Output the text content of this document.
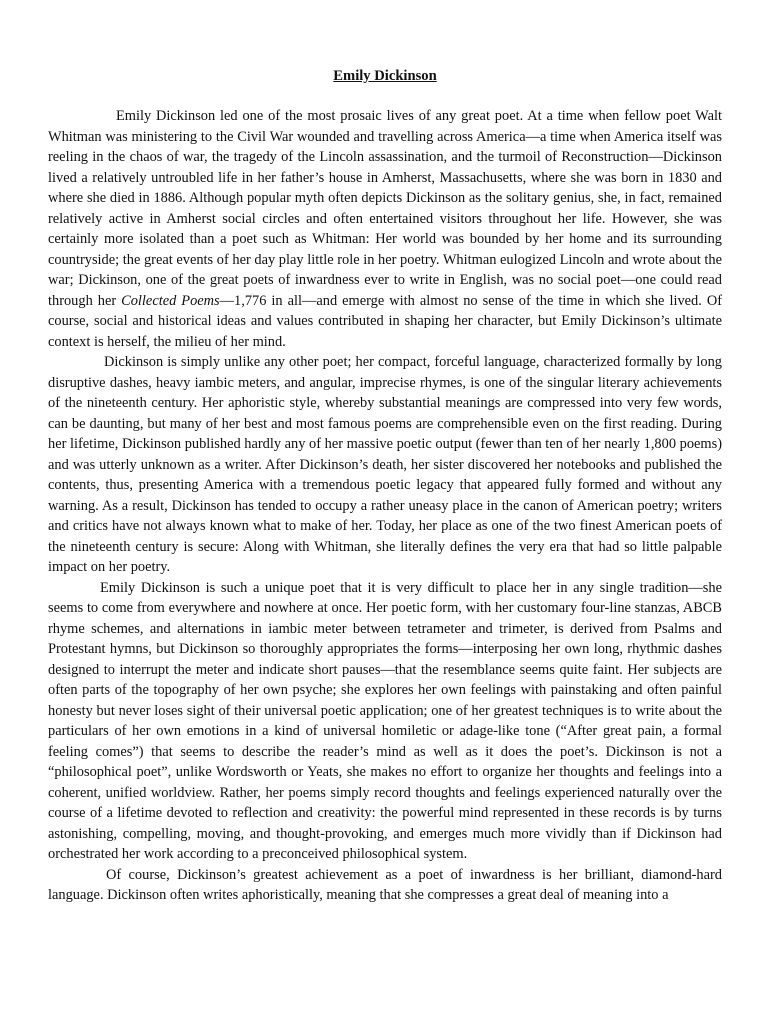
Emily Dickinson

Emily Dickinson led one of the most prosaic lives of any great poet. At a time when fellow poet Walt Whitman was ministering to the Civil War wounded and travelling across America—a time when America itself was reeling in the chaos of war, the tragedy of the Lincoln assassination, and the turmoil of Reconstruction—Dickinson lived a relatively untroubled life in her father’s house in Amherst, Massachusetts, where she was born in 1830 and where she died in 1886. Although popular myth often depicts Dickinson as the solitary genius, she, in fact, remained relatively active in Amherst social circles and often entertained visitors throughout her life. However, she was certainly more isolated than a poet such as Whitman: Her world was bounded by her home and its surrounding countryside; the great events of her day play little role in her poetry. Whitman eulogized Lincoln and wrote about the war; Dickinson, one of the great poets of inwardness ever to write in English, was no social poet—one could read through her Collected Poems—1,776 in all—and emerge with almost no sense of the time in which she lived. Of course, social and historical ideas and values contributed in shaping her character, but Emily Dickinson’s ultimate context is herself, the milieu of her mind.

Dickinson is simply unlike any other poet; her compact, forceful language, characterized formally by long disruptive dashes, heavy iambic meters, and angular, imprecise rhymes, is one of the singular literary achievements of the nineteenth century. Her aphoristic style, whereby substantial meanings are compressed into very few words, can be daunting, but many of her best and most famous poems are comprehensible even on the first reading. During her lifetime, Dickinson published hardly any of her massive poetic output (fewer than ten of her nearly 1,800 poems) and was utterly unknown as a writer. After Dickinson’s death, her sister discovered her notebooks and published the contents, thus, presenting America with a tremendous poetic legacy that appeared fully formed and without any warning. As a result, Dickinson has tended to occupy a rather uneasy place in the canon of American poetry; writers and critics have not always known what to make of her. Today, her place as one of the two finest American poets of the nineteenth century is secure: Along with Whitman, she literally defines the very era that had so little palpable impact on her poetry.

Emily Dickinson is such a unique poet that it is very difficult to place her in any single tradition—she seems to come from everywhere and nowhere at once. Her poetic form, with her customary four-line stanzas, ABCB rhyme schemes, and alternations in iambic meter between tetrameter and trimeter, is derived from Psalms and Protestant hymns, but Dickinson so thoroughly appropriates the forms—interposing her own long, rhythmic dashes designed to interrupt the meter and indicate short pauses—that the resemblance seems quite faint. Her subjects are often parts of the topography of her own psyche; she explores her own feelings with painstaking and often painful honesty but never loses sight of their universal poetic application; one of her greatest techniques is to write about the particulars of her own emotions in a kind of universal homiletic or adage-like tone (“After great pain, a formal feeling comes”) that seems to describe the reader’s mind as well as it does the poet’s. Dickinson is not a “philosophical poet”, unlike Wordsworth or Yeats, she makes no effort to organize her thoughts and feelings into a coherent, unified worldview. Rather, her poems simply record thoughts and feelings experienced naturally over the course of a lifetime devoted to reflection and creativity: the powerful mind represented in these records is by turns astonishing, compelling, moving, and thought-provoking, and emerges much more vividly than if Dickinson had orchestrated her work according to a preconceived philosophical system.

Of course, Dickinson’s greatest achievement as a poet of inwardness is her brilliant, diamond-hard language. Dickinson often writes aphoristically, meaning that she compresses a great deal of meaning into a
